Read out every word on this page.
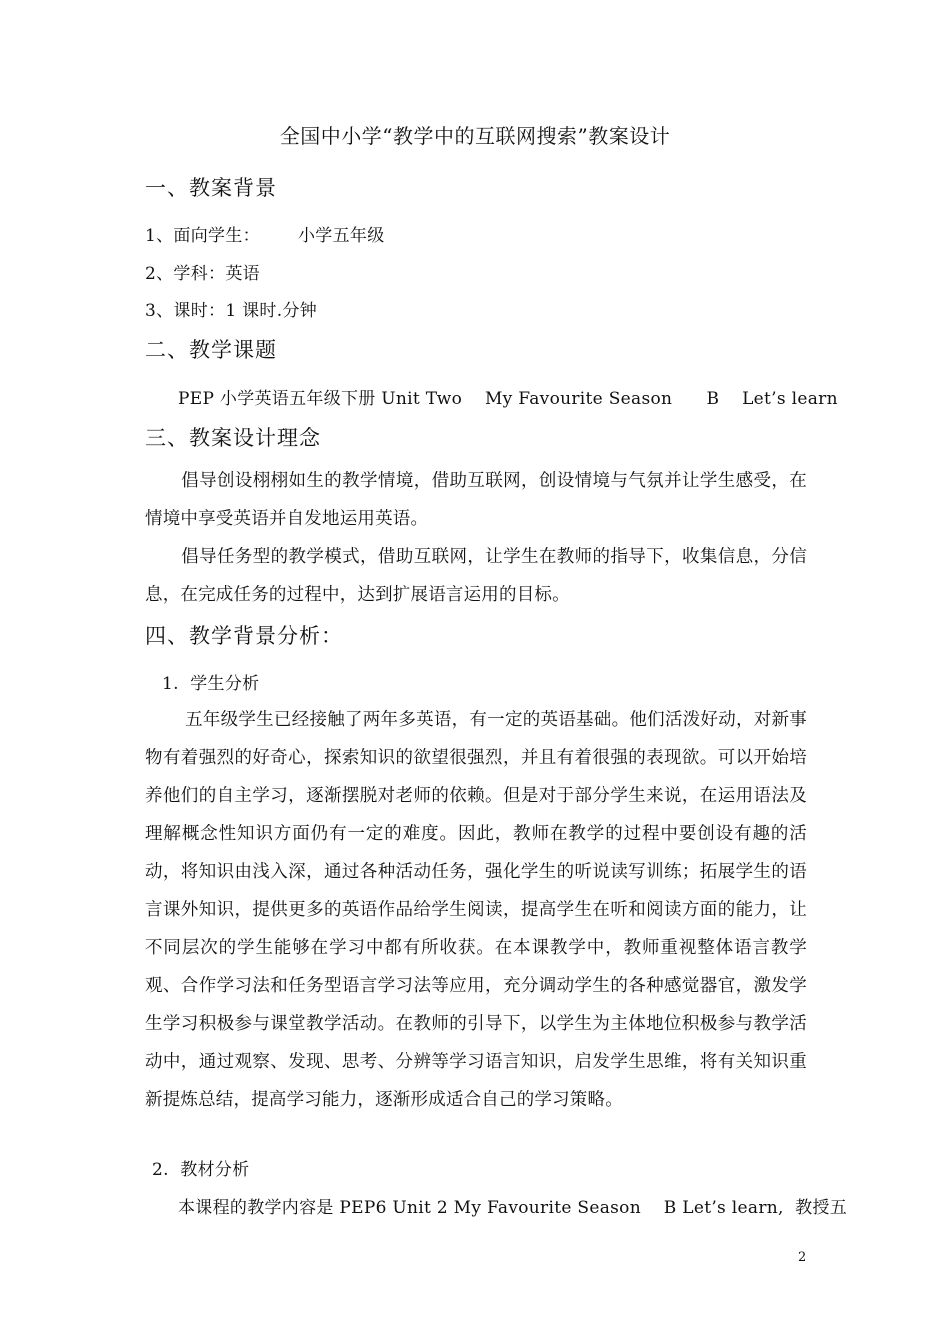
全国中小学“教学中的互联网搜索”教案设计
一、教案背景
1、面向学生： 小学五年级
2、学科：英语
3、课时：1 课时.分钟
二、教学课题
PEP 小学英语五年级下册 Unit Two    My Favourite Season      B    Let’s learn
三、教案设计理念
倡导创设栩栩如生的教学情境，借助互联网，创设情境与气氛并让学生感受，在情境中享受英语并自发地运用英语。
倡导任务型的教学模式，借助互联网，让学生在教师的指导下，收集信息，分信息，在完成任务的过程中，达到扩展语言运用的目标。
四、教学背景分析：
1.  学生分析
五年级学生已经接触了两年多英语，有一定的英语基础。他们活泼好动，对新事物有着强烈的好奇心，探索知识的欲望很强烈，并且有着很强的表现欲。可以开始培养他们的自主学习，逐渐摆脱对老师的依赖。但是对于部分学生来说，在运用语法及理解概念性知识方面仍有一定的难度。因此，教师在教学的过程中要创设有趣的活动，将知识由浅入深，通过各种活动任务，强化学生的听说读写训练；拓展学生的语言课外知识，提供更多的英语作品给学生阅读，提高学生在听和阅读方面的能力，让不同层次的学生能够在学习中都有所收获。在本课教学中，教师重视整体语言教学观、合作学习法和任务型语言学习法等应用，充分调动学生的各种感觉器官，激发学生学习积极参与课堂教学活动。在教师的引导下，以学生为主体地位积极参与教学活动中，通过观察、发现、思考、分辨等学习语言知识，启发学生思维，将有关知识重新提炼总结，提高学习能力，逐渐形成适合自己的学习策略。
2.  教材分析
本课程的教学内容是 PEP6 Unit 2 My Favourite Season    B Let’s learn,  教授五
2
